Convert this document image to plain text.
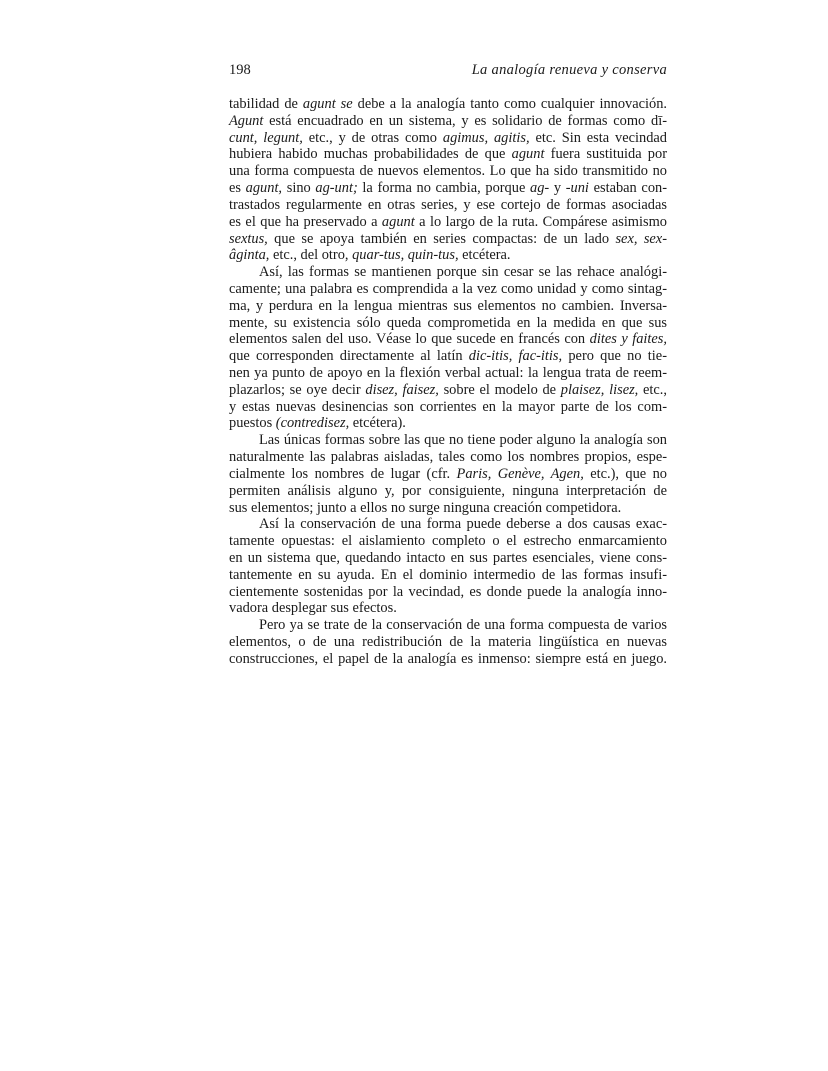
198	La analogía renueva y conserva
tabilidad de agunt se debe a la analogía tanto como cualquier innovación.
Agunt está encuadrado en un sistema, y es solidario de formas como dī-
cunt, legunt, etc., y de otras como agimus, agitis, etc. Sin esta vecindad
hubiera habido muchas probabilidades de que agunt fuera sustituida por
una forma compuesta de nuevos elementos. Lo que ha sido transmitido no
es agunt, sino ag-unt; la forma no cambia, porque ag- y -uni estaban con-
trastados regularmente en otras series, y ese cortejo de formas asociadas
es el que ha preservado a agunt a lo largo de la ruta. Compárese asimismo
sextus, que se apoya también en series compactas: de un lado sex, sex-
âginta, etc., del otro, quar-tus, quin-tus, etcétera.
Así, las formas se mantienen porque sin cesar se las rehace analógi-
camente; una palabra es comprendida a la vez como unidad y como sintag-
ma, y perdura en la lengua mientras sus elementos no cambien. Inversa-
mente, su existencia sólo queda comprometida en la medida en que sus
elementos salen del uso. Véase lo que sucede en francés con dites y faites,
que corresponden directamente al latín dic-itis, fac-itis, pero que no tie-
nen ya punto de apoyo en la flexión verbal actual: la lengua trata de reem-
plazarlos; se oye decir disez, faisez, sobre el modelo de plaisez, lisez, etc.,
y estas nuevas desinencias son corrientes en la mayor parte de los com-
puestos (contredisez, etcétera).
Las únicas formas sobre las que no tiene poder alguno la analogía son
naturalmente las palabras aisladas, tales como los nombres propios, espe-
cialmente los nombres de lugar (cfr. Paris, Genève, Agen, etc.), que no
permiten análisis alguno y, por consiguiente, ninguna interpretación de
sus elementos; junto a ellos no surge ninguna creación competidora.
Así la conservación de una forma puede deberse a dos causas exac-
tamente opuestas: el aislamiento completo o el estrecho enmarcamiento
en un sistema que, quedando intacto en sus partes esenciales, viene cons-
tantemente en su ayuda. En el dominio intermedio de las formas insufi-
cientemente sostenidas por la vecindad, es donde puede la analogía inno-
vadora desplegar sus efectos.
Pero ya se trate de la conservación de una forma compuesta de varios
elementos, o de una redistribución de la materia lingüística en nuevas
construcciones, el papel de la analogía es inmenso: siempre está en juego.
